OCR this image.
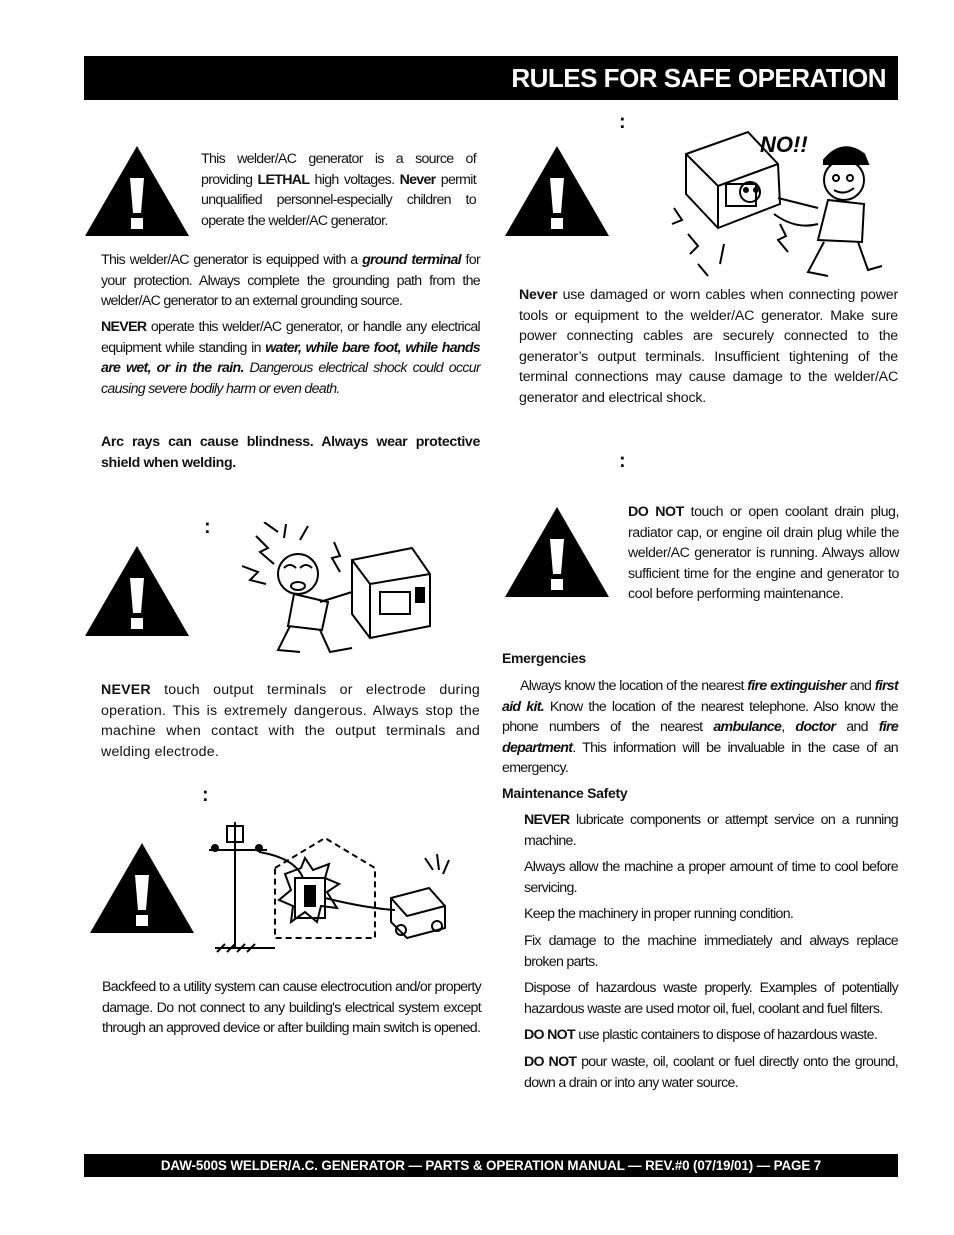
RULES FOR SAFE OPERATION
This welder/AC generator is a source of providing LETHAL high voltages. Never permit unqualified personnel-especially children to operate the welder/AC generator.
This welder/AC generator is equipped with a ground terminal for your protection. Always complete the grounding path from the welder/AC generator to an external grounding source.
NEVER operate this welder/AC generator, or handle any electrical equipment while standing in water, while bare foot, while hands are wet, or in the rain. Dangerous electrical shock could occur causing severe bodily harm or even death.
Arc rays can cause blindness. Always wear protective shield when welding.
:
NEVER touch output terminals or electrode during operation. This is extremely dangerous. Always stop the machine when contact with the output terminals and welding electrode.
:
Backfeed to a utility system can cause electrocution and/or property damage. Do not connect to any building's electrical system except through an approved device or after building main switch is opened.
:
NO!!
Never use damaged or worn cables when connecting power tools or equipment to the welder/AC generator. Make sure power connecting cables are securely connected to the generator’s output terminals. Insufficient tightening of the terminal connections may cause damage to the welder/AC generator and electrical shock.
:
DO NOT touch or open coolant drain plug, radiator cap, or engine oil drain plug while the welder/AC generator is running. Always allow sufficient time for the engine and generator to cool before performing maintenance.
Emergencies
Always know the location of the nearest fire extinguisher and first aid kit. Know the location of the nearest telephone. Also know the phone numbers of the nearest ambulance, doctor and fire department. This information will be invaluable in the case of an emergency.
Maintenance Safety

NEVER lubricate components or attempt service on a running machine.

Always allow the machine a proper amount of time to cool before servicing.

Keep the machinery in proper running condition.

Fix damage to the machine immediately and always replace broken parts.

Dispose of hazardous waste properly. Examples of potentially hazardous waste are used motor oil, fuel, coolant and fuel filters.

DO NOT use plastic containers to dispose of hazardous waste.

DO NOT pour waste, oil, coolant or fuel directly onto the ground, down a drain or into any water source.

DAW-500S WELDER/A.C. GENERATOR — PARTS & OPERATION MANUAL — REV.#0 (07/19/01) — PAGE 7
